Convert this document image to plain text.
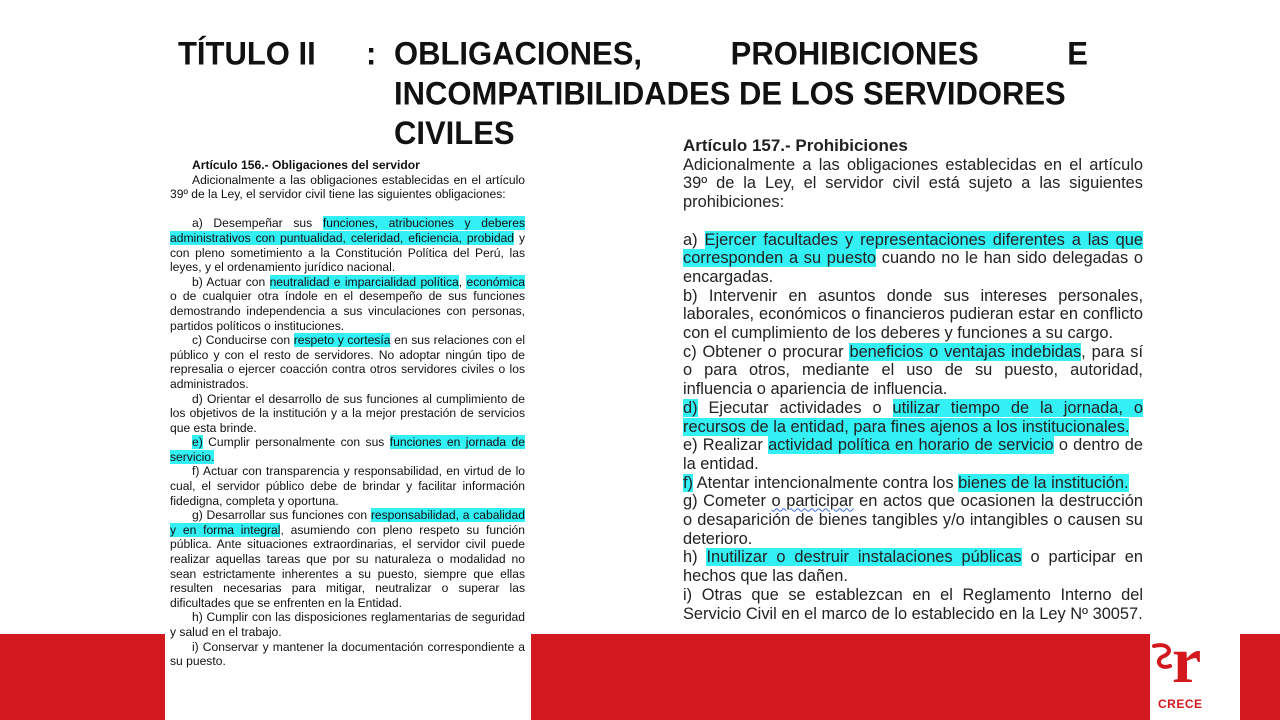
r
CRECE
TÍTULO II : OBLIGACIONES,	PROHIBICIONES	E
INCOMPATIBILIDADES DE LOS SERVIDORES
CIVILES

Artículo 156.- Obligaciones del servidor

Adicionalmente a las obligaciones establecidas en el artículo 39º de la Ley, el servidor civil tiene las siguientes obligaciones:

a) Desempeñar sus funciones, atribuciones y deberes administrativos con puntualidad, celeridad, eficiencia, probidad y con pleno sometimiento a la Constitución Política del Perú, las leyes, y el ordenamiento jurídico nacional.

b) Actuar con neutralidad e imparcialidad política, económica o de cualquier otra índole en el desempeño de sus funciones demostrando independencia a sus vinculaciones con personas, partidos políticos o instituciones.

c) Conducirse con respeto y cortesía en sus relaciones con el público y con el resto de servidores. No adoptar ningún tipo de represalia o ejercer coacción contra otros servidores civiles o los administrados.

d) Orientar el desarrollo de sus funciones al cumplimiento de los objetivos de la institución y a la mejor prestación de servicios que esta brinde.

e) Cumplir personalmente con sus funciones en jornada de servicio.

f) Actuar con transparencia y responsabilidad, en virtud de lo cual, el servidor público debe de brindar y facilitar información fidedigna, completa y oportuna.

g) Desarrollar sus funciones con responsabilidad, a cabalidad y en forma integral, asumiendo con pleno respeto su función pública. Ante situaciones extraordinarias, el servidor civil puede realizar aquellas tareas que por su naturaleza o modalidad no sean estrictamente inherentes a su puesto, siempre que ellas resulten necesarias para mitigar, neutralizar o superar las dificultades que se enfrenten en la Entidad.

h) Cumplir con las disposiciones reglamentarias de seguridad y salud en el trabajo.

i) Conservar y mantener la documentación correspondiente a su puesto.

Artículo 157.- Prohibiciones

Adicionalmente a las obligaciones establecidas en el artículo 39º de la Ley, el servidor civil está sujeto a las siguientes prohibiciones:

a) Ejercer facultades y representaciones diferentes a las que corresponden a su puesto cuando no le han sido delegadas o encargadas.

b) Intervenir en asuntos donde sus intereses personales, laborales, económicos o financieros pudieran estar en conflicto con el cumplimiento de los deberes y funciones a su cargo.

c) Obtener o procurar beneficios o ventajas indebidas, para sí o para otros, mediante el uso de su puesto, autoridad, influencia o apariencia de influencia.

d) Ejecutar actividades o utilizar tiempo de la jornada, o recursos de la entidad, para fines ajenos a los institucionales.

e) Realizar actividad política en horario de servicio o dentro de la entidad.

f) Atentar intencionalmente contra los bienes de la institución.

g) Cometer o participar en actos que ocasionen la destrucción o desaparición de bienes tangibles y/o intangibles o causen su deterioro.

h) Inutilizar o destruir instalaciones públicas o participar en hechos que las dañen.

i) Otras que se establezcan en el Reglamento Interno del Servicio Civil en el marco de lo establecido en la Ley Nº 30057.
